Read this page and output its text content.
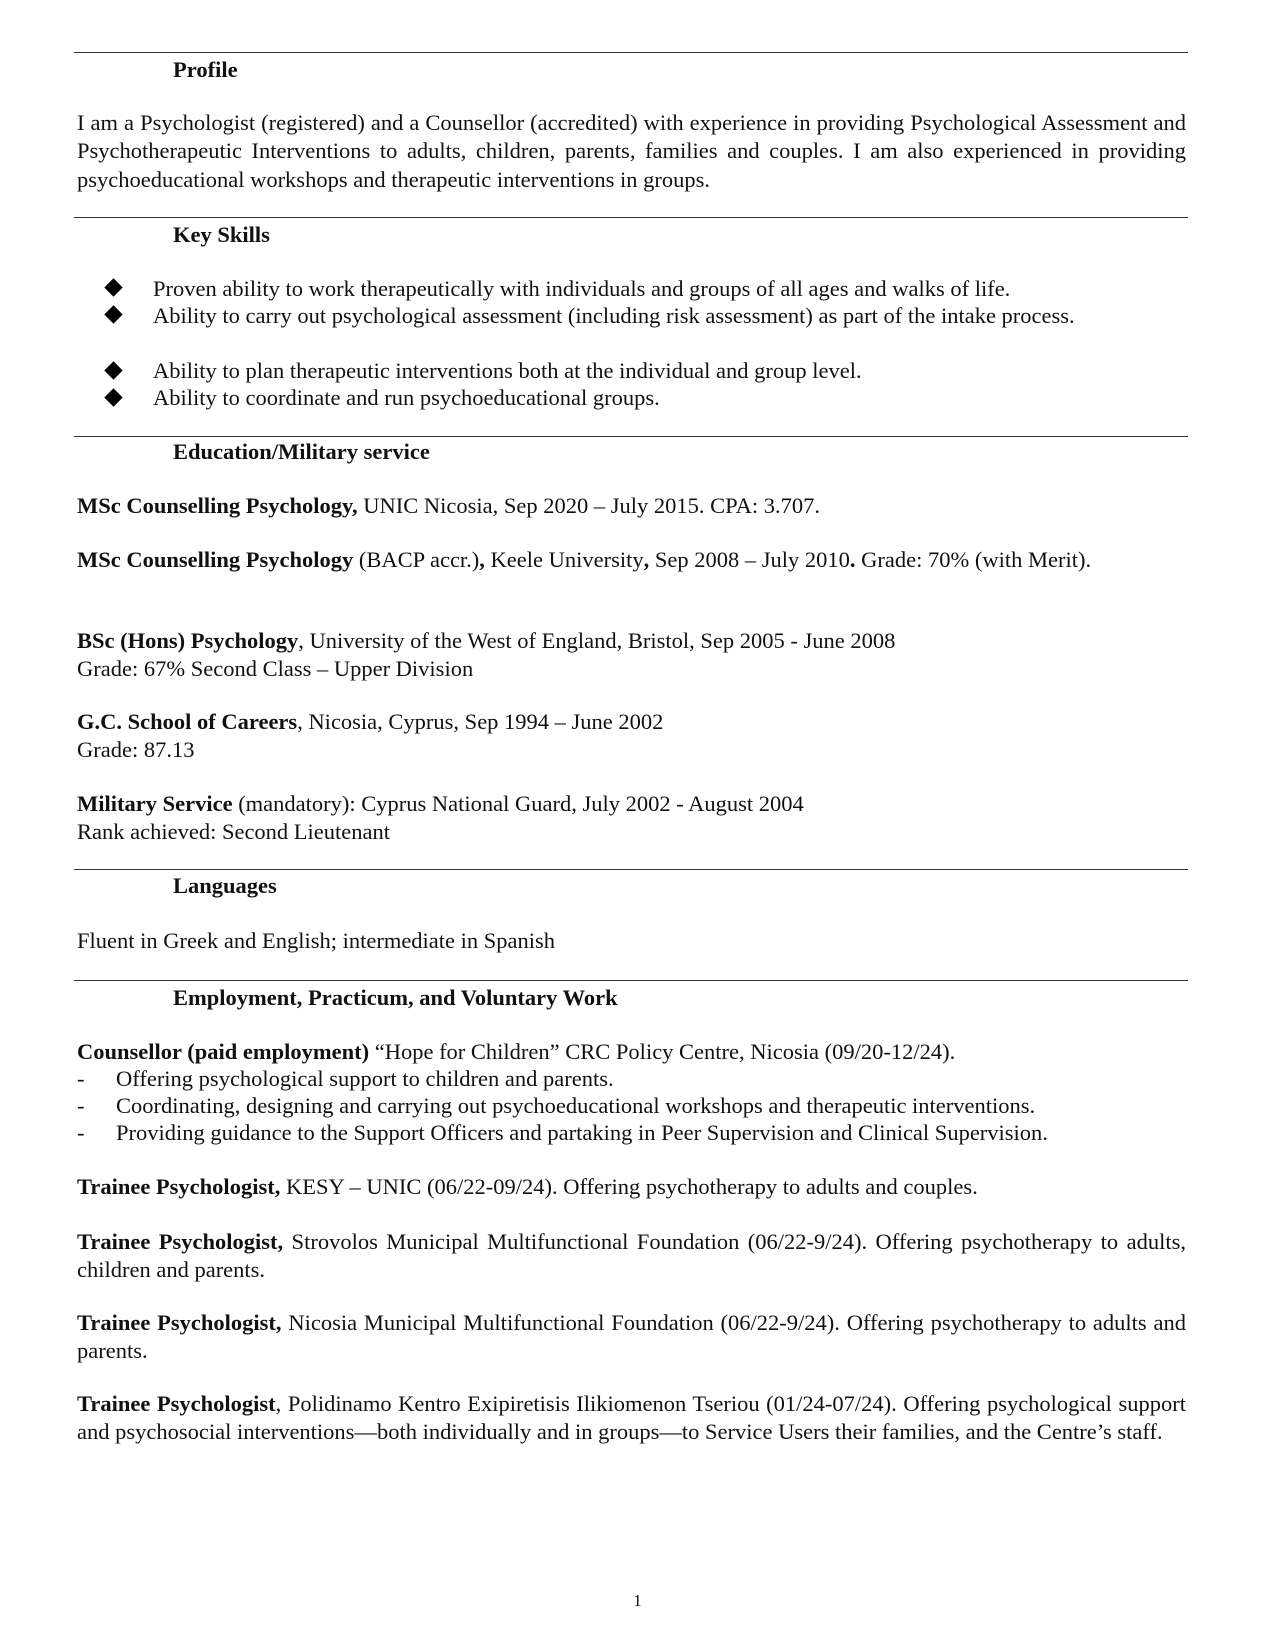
Profile
I am a Psychologist (registered) and a Counsellor (accredited) with experience in providing Psychological Assessment and Psychotherapeutic Interventions to adults, children, parents, families and couples. I am also experienced in providing psychoeducational workshops and therapeutic interventions in groups.
Key Skills
Proven ability to work therapeutically with individuals and groups of all ages and walks of life.
Ability to carry out psychological assessment (including risk assessment) as part of the intake process.
Ability to plan therapeutic interventions both at the individual and group level.
Ability to coordinate and run psychoeducational groups.
Education/Military service
MSc Counselling Psychology, UNIC Nicosia, Sep 2020 – July 2015. CPA: 3.707.
MSc Counselling Psychology (BACP accr.), Keele University, Sep 2008 – July 2010. Grade: 70% (with Merit).
BSc (Hons) Psychology, University of the West of England, Bristol, Sep 2005 - June 2008
Grade: 67% Second Class – Upper Division
G.C. School of Careers, Nicosia, Cyprus, Sep 1994 – June 2002
Grade: 87.13
Military Service (mandatory): Cyprus National Guard, July 2002 - August 2004
Rank achieved: Second Lieutenant
Languages
Fluent in Greek and English; intermediate in Spanish
Employment, Practicum, and Voluntary Work
Counsellor (paid employment) “Hope for Children” CRC Policy Centre, Nicosia (09/20-12/24).
- Offering psychological support to children and parents.
- Coordinating, designing and carrying out psychoeducational workshops and therapeutic interventions.
- Providing guidance to the Support Officers and partaking in Peer Supervision and Clinical Supervision.
Trainee Psychologist, KESY – UNIC (06/22-09/24). Offering psychotherapy to adults and couples.
Trainee Psychologist, Strovolos Municipal Multifunctional Foundation (06/22-9/24). Offering psychotherapy to adults, children and parents.
Trainee Psychologist, Nicosia Municipal Multifunctional Foundation (06/22-9/24). Offering psychotherapy to adults and parents.
Trainee Psychologist, Polidinamo Kentro Exipiretisis Ilikiomenon Tseriou (01/24-07/24). Offering psychological support and psychosocial interventions—both individually and in groups—to Service Users their families, and the Centre’s staff.
1
